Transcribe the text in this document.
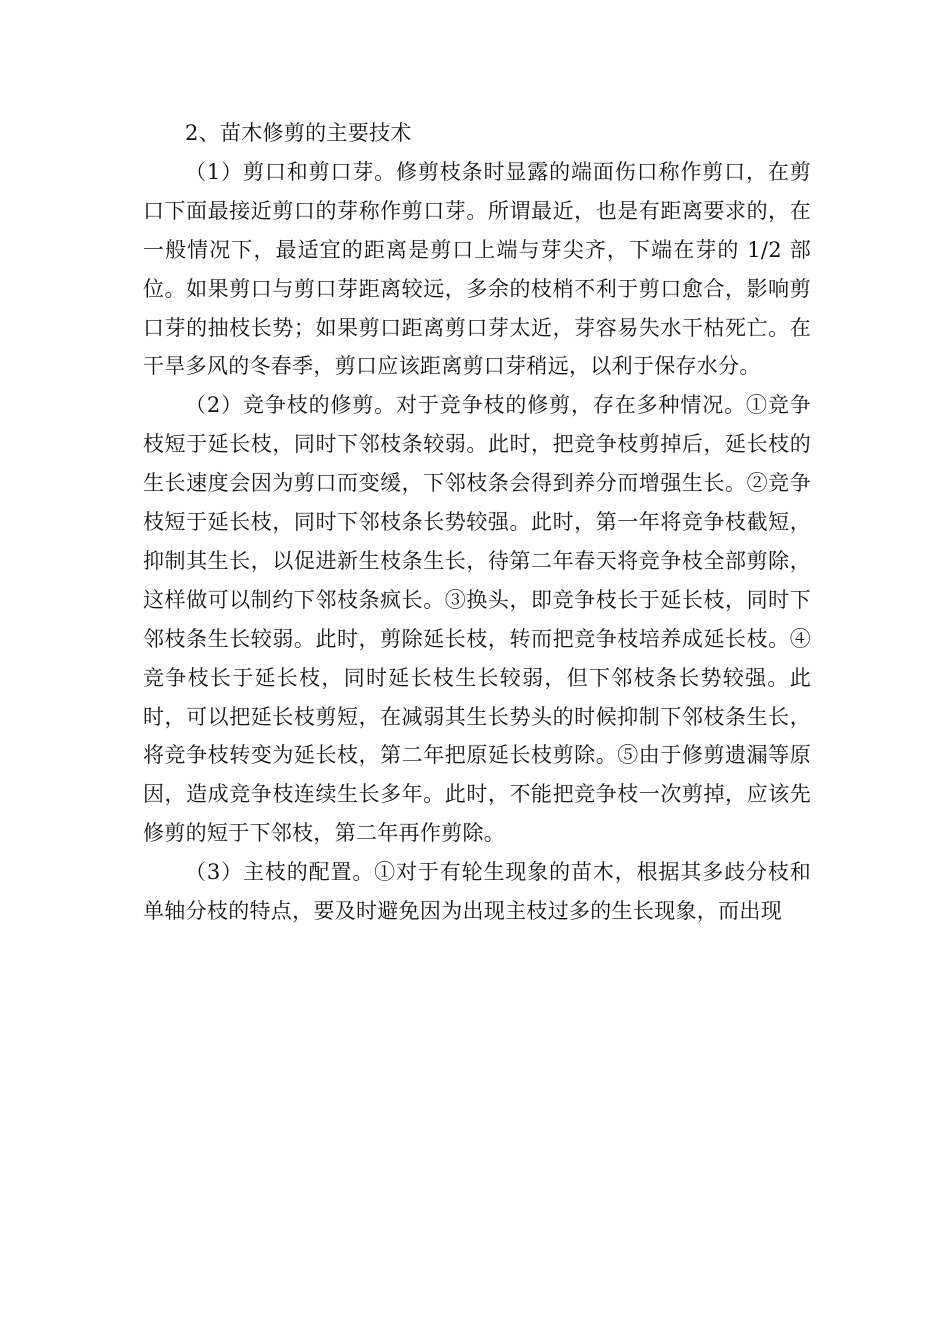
2、苗木修剪的主要技术

（1）剪口和剪口芽。修剪枝条时显露的端面伤口称作剪口，在剪口下面最接近剪口的芽称作剪口芽。所谓最近，也是有距离要求的，在一般情况下，最适宜的距离是剪口上端与芽尖齐，下端在芽的 1/2 部位。如果剪口与剪口芽距离较远，多余的枝梢不利于剪口愈合，影响剪口芽的抽枝长势；如果剪口距离剪口芽太近，芽容易失水干枯死亡。在干旱多风的冬春季，剪口应该距离剪口芽稍远，以利于保存水分。

（2）竞争枝的修剪。对于竞争枝的修剪，存在多种情况。①竞争枝短于延长枝，同时下邻枝条较弱。此时，把竞争枝剪掉后，延长枝的生长速度会因为剪口而变缓，下邻枝条会得到养分而增强生长。②竞争枝短于延长枝，同时下邻枝条长势较强。此时，第一年将竞争枝截短，抑制其生长，以促进新生枝条生长，待第二年春天将竞争枝全部剪除，这样做可以制约下邻枝条疯长。③换头，即竞争枝长于延长枝，同时下邻枝条生长较弱。此时，剪除延长枝，转而把竞争枝培养成延长枝。④竞争枝长于延长枝，同时延长枝生长较弱，但下邻枝条长势较强。此时，可以把延长枝剪短，在减弱其生长势头的时候抑制下邻枝条生长，将竞争枝转变为延长枝，第二年把原延长枝剪除。⑤由于修剪遗漏等原因，造成竞争枝连续生长多年。此时，不能把竞争枝一次剪掉，应该先修剪的短于下邻枝，第二年再作剪除。

（3）主枝的配置。①对于有轮生现象的苗木，根据其多歧分枝和单轴分枝的特点，要及时避免因为出现主枝过多的生长现象，而出现
